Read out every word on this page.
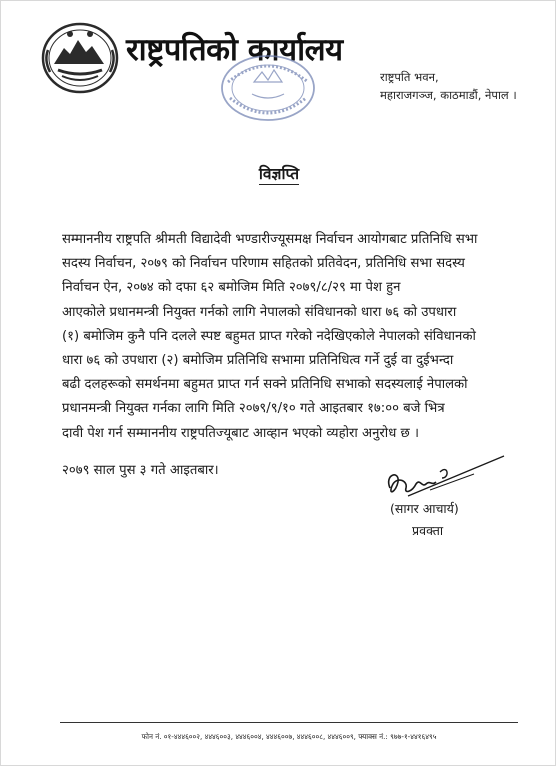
राष्ट्रपतिको कार्यालय
राष्ट्रपति भवन,
महाराजगञ्ज, काठमाडौं, नेपाल ।
विज्ञप्ति
सम्माननीय राष्ट्रपति श्रीमती विद्यादेवी भण्डारीज्यूसमक्ष निर्वाचन आयोगबाट प्रतिनिधि सभा
सदस्य निर्वाचन, २०७९ को निर्वाचन परिणाम सहितको प्रतिवेदन, प्रतिनिधि सभा सदस्य
निर्वाचन ऐन, २०७४ को दफा ६२ बमोजिम मिति २०७९/८/२९ मा पेश हुन
आएकोले प्रधानमन्त्री नियुक्त गर्नको लागि नेपालको संविधानको धारा ७६ को उपधारा
(१) बमोजिम कुनै पनि दलले स्पष्ट बहुमत प्राप्त गरेको नदेखिएकोले नेपालको संविधानको
धारा ७६ को उपधारा (२) बमोजिम प्रतिनिधि सभामा प्रतिनिधित्व गर्ने दुई वा दुईभन्दा
बढी दलहरूको समर्थनमा बहुमत प्राप्त गर्न सक्ने प्रतिनिधि सभाको सदस्यलाई नेपालको
प्रधानमन्त्री नियुक्त गर्नका लागि मिति २०७९/९/१० गते आइतबार १७:०० बजे भित्र
दावी पेश गर्न सम्माननीय राष्ट्रपतिज्यूबाट आव्हान भएको व्यहोरा अनुरोध छ ।
२०७९ साल पुस ३ गते आइतबार।
(सागर आचार्य)
प्रवक्ता
फोन नं. ०१-४४४६००२, ४४४६००३, ४४४६००४, ४४४६००७, ४४४६००८, ४४४६००९, फ्याक्स नं.: ९७७-१-४४१६४९५
